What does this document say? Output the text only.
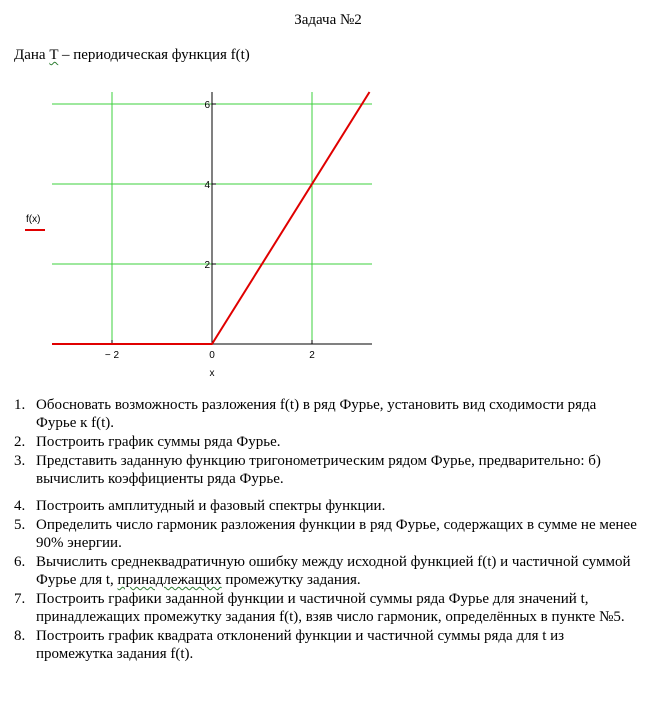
Задача №2
Дана T – периодическая функция f(t)
− 2	0	2
2
4
6
x
f(x)
1. Обосновать возможность разложения f(t) в ряд Фурье, установить вид сходимости ряда Фурье к f(t).
2. Построить график суммы ряда Фурье.
3. Представить заданную функцию тригонометрическим рядом Фурье, предварительно: б) вычислить коэффициенты ряда Фурье.
4. Построить амплитудный и фазовый спектры функции.
5. Определить число гармоник разложения функции в ряд Фурье, содержащих в сумме не менее 90% энергии.
6. Вычислить среднеквадратичную ошибку между исходной функцией f(t) и частичной суммой Фурье для t, принадлежащих промежутку задания.
7. Построить графики заданной функции и частичной суммы ряда Фурье для значений t, принадлежащих промежутку задания f(t), взяв число гармоник, определённых в пункте №5.
8. Построить график квадрата отклонений функции и частичной суммы ряда для t из промежутка задания f(t).
